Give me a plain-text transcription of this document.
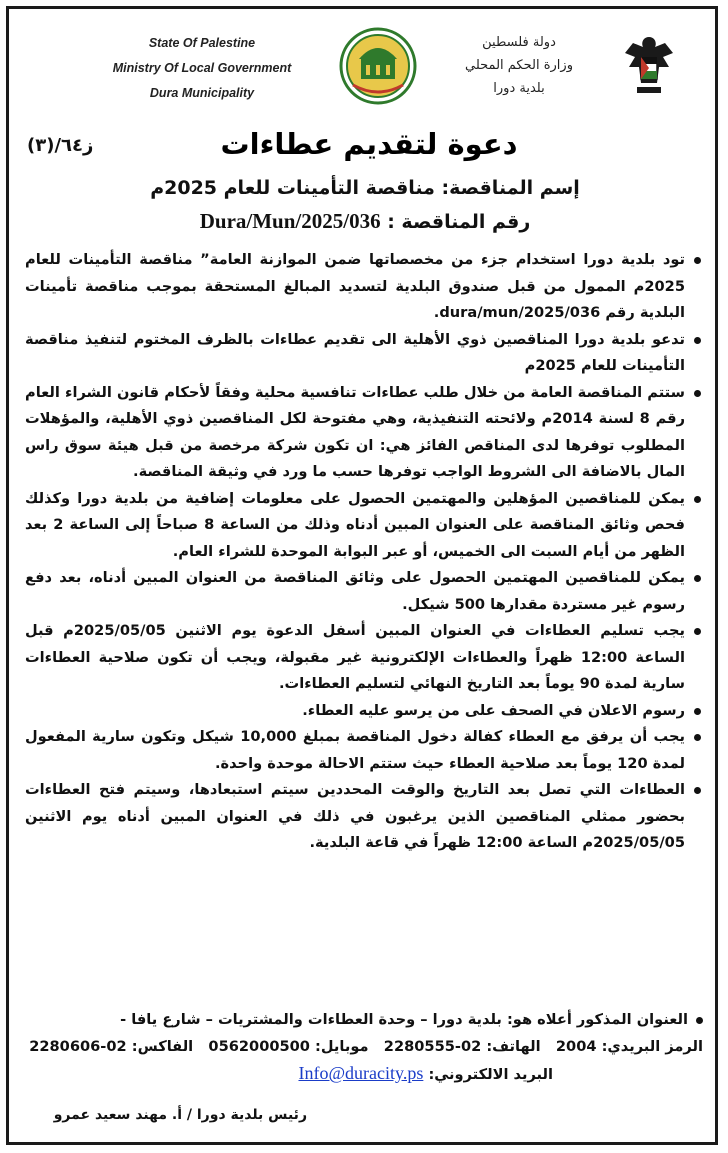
State Of Palestine
Ministry Of Local Government
Dura Municipality
دولة فلسطين
وزارة الحكم المحلي
بلدية دورا
ز٦٤/(٣)	دعوة لتقديم عطاءات
إسم المناقصة: مناقصة التأمينات للعام 2025م
رقم المناقصة : Dura/Mun/2025/036
تود بلدية دورا استخدام جزء من مخصصاتها ضمن الموازنة العامة” مناقصة التأمينات للعام 2025م الممول من قبل صندوق البلدية لتسديد المبالغ المستحقة بموجب مناقصة تأمينات البلدية رقم dura/mun/2025/036.
تدعو بلدية دورا المناقصين ذوي الأهلية الى تقديم عطاءات بالظرف المختوم لتنفيذ مناقصة التأمينات للعام 2025م
ستتم المناقصة العامة من خلال طلب عطاءات تنافسية محلية وفقاً لأحكام قانون الشراء العام رقم 8 لسنة 2014م ولائحته التنفيذية، وهي مفتوحة لكل المناقصين ذوي الأهلية، والمؤهلات المطلوب توفرها لدى المناقص الفائز هي: ان تكون شركة مرخصة من قبل هيئة سوق راس المال بالاضافة الى الشروط الواجب توفرها حسب ما ورد في وثيقة المناقصة.
يمكن للمناقصين المؤهلين والمهتمين الحصول على معلومات إضافية من بلدية دورا وكذلك فحص وثائق المناقصة على العنوان المبين أدناه وذلك من الساعة 8 صباحاً إلى الساعة 2 بعد الظهر من أيام السبت الى الخميس، أو عبر البوابة الموحدة للشراء العام.
يمكن للمناقصين المهتمين الحصول على وثائق المناقصة من العنوان المبين أدناه، بعد دفع رسوم غير مستردة مقدارها 500 شيكل.
يجب تسليم العطاءات في العنوان المبين أسفل الدعوة يوم الاثنين 2025/05/05م قبل الساعة 12:00 ظهراً والعطاءات الإلكترونية غير مقبولة، ويجب أن تكون صلاحية العطاءات سارية لمدة 90 يوماً بعد التاريخ النهائي لتسليم العطاءات.
رسوم الاعلان في الصحف على من يرسو عليه العطاء.
يجب أن يرفق مع العطاء كفالة دخول المناقصة بمبلغ 10,000 شيكل وتكون سارية المفعول لمدة 120 يوماً بعد صلاحية العطاء حيث ستتم الاحالة موحدة واحدة.
العطاءات التي تصل بعد التاريخ والوقت المحددين سيتم استبعادها، وسيتم فتح العطاءات بحضور ممثلي المناقصين الذين يرغبون في ذلك في العنوان المبين أدناه يوم الاثنين 2025/05/05م الساعة 12:00 ظهراً في قاعة البلدية.
العنوان المذكور أعلاه هو: بلدية دورا – وحدة العطاءات والمشتريات – شارع يافا -
الرمز البريدي: 2004   الهاتف: 02-2280555   موبايل: 0562000500   الفاكس: 02-2280606
البريد الالكتروني: Info@duracity.ps
رئيس بلدية دورا / أ. مهند سعيد عمرو
